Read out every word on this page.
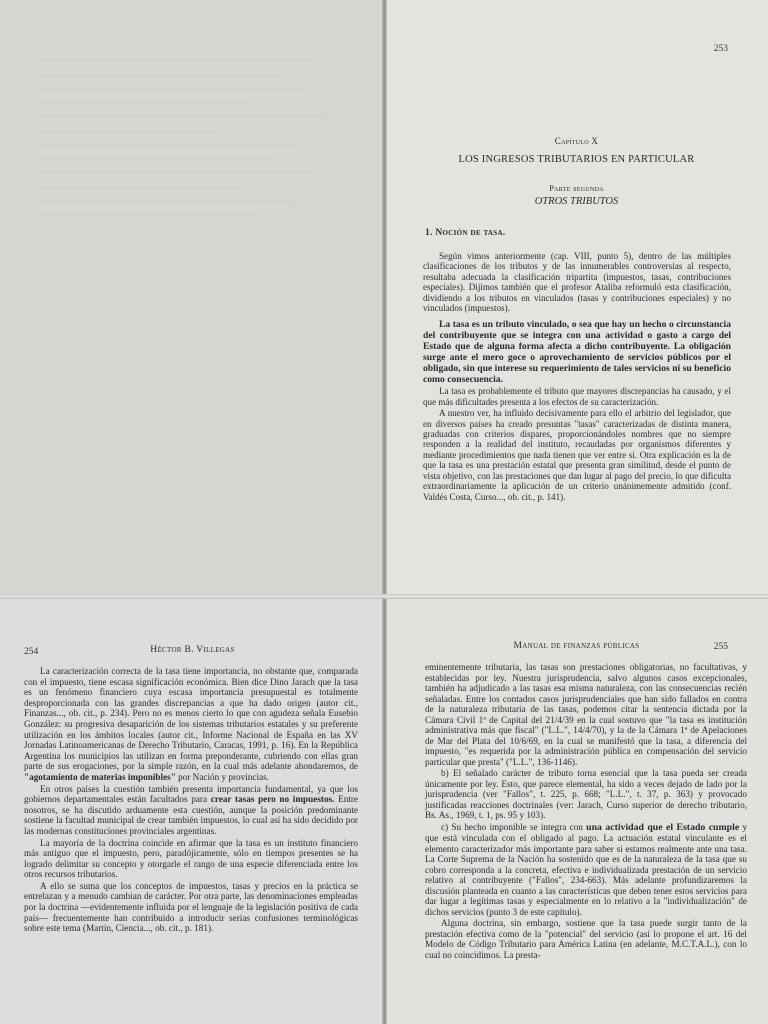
253
Capítulo X
LOS INGRESOS TRIBUTARIOS EN PARTICULAR
Parte segunda
OTROS TRIBUTOS
1. Noción de tasa.

Según vimos anteriormente (cap. VIII, punto 5), dentro de las múltiples clasificaciones de los tributos y de las innumerables controversias al respecto, resultaba adecuada la clasificación tripartita (impuestos, tasas, contribuciones especiales). Dijimos también que el profesor Ataliba reformuló esta clasificación, dividiendo a los tributos en vinculados (tasas y contribuciones especiales) y no vinculados (impuestos).

La tasa es un tributo vinculado, o sea que hay un hecho o circunstancia del contribuyente que se integra con una actividad o gasto a cargo del Estado que de alguna forma afecta a dicho contribuyente. La obligación surge ante el mero goce o aprovechamiento de servicios públicos por el obligado, sin que interese su requerimiento de tales servicios ni su beneficio como consecuencia.

La tasa es probablemente el tributo que mayores discrepancias ha causado, y el que más dificultades presenta a los efectos de su caracterización.

A nuestro ver, ha influido decisivamente para ello el arbitrio del legislador, que en diversos países ha creado presuntas "tasas" caracterizadas de distinta manera, graduadas con criterios dispares, proporcionándoles nombres que no siempre responden a la realidad del instituto, recaudadas por organismos diferentes y mediante procedimientos que nada tienen que ver entre sí. Otra explicación es la de que la tasa es una prestación estatal que presenta gran similitud, desde el punto de vista objetivo, con las prestaciones que dan lugar al pago del precio, lo que dificulta extraordinariamente la aplicación de un criterio unánimemente admitido (conf. Valdés Costa, Curso..., ob. cit., p. 141).

254	Héctor B. Villegas

La caracterización correcta de la tasa tiene importancia, no obstante que, comparada con el impuesto, tiene escasa significación económica. Bien dice Dino Jarach que la tasa es un fenómeno financiero cuya escasa importancia presupuestal es totalmente desproporcionada con las grandes discrepancias a que ha dado origen (autor cit., Finanzas..., ob. cit., p. 234). Pero no es menos cierto lo que con agudeza señala Eusebio González: su progresiva desaparición de los sistemas tributarios estatales y su preferente utilización en los ámbitos locales (autor cit., Informe Nacional de España en las XV Jornadas Latinoamericanas de Derecho Tributario, Caracas, 1991, p. 16). En la República Argentina los municipios las utilizan en forma preponderante, cubriendo con ellas gran parte de sus erogaciones, por la simple razón, en la cual más adelante ahondaremos, de "agotamiento de materias imponibles" por Nación y provincias.

En otros países la cuestión también presenta importancia fundamental, ya que los gobiernos departamentales están facultados para crear tasas pero no impuestos. Entre nosotros, se ha discutido arduamente esta cuestión, aunque la posición predominante sostiene la facultad municipal de crear también impuestos, lo cual así ha sido decidido por las modernas constituciones provinciales argentinas.

La mayoría de la doctrina coincide en afirmar que la tasa es un instituto financiero más antiguo que el impuesto, pero, paradójicamente, sólo en tiempos presentes se ha logrado delimitar su concepto y otorgarle el rango de una especie diferenciada entre los otros recursos tributarios.

A ello se suma que los conceptos de impuestos, tasas y precios en la práctica se entrelazan y a menudo cambian de carácter. Por otra parte, las denominaciones empleadas por la doctrina —evidentemente influida por el lenguaje de la legislación positiva de cada país— frecuentemente han contribuido a introducir serias confusiones terminológicas sobre este tema (Martín, Ciencia..., ob. cit., p. 181).

Manual de finanzas públicas	255

eminentemente tributaria, las tasas son prestaciones obligatorias, no facultativas, y establecidas por ley. Nuestra jurisprudencia, salvo algunos casos excepcionales, también ha adjudicado a las tasas esa misma naturaleza, con las consecuencias recién señaladas. Entre los contados casos jurisprudenciales que han sido fallados en contra de la naturaleza tributaria de las tasas, podemos citar la sentencia dictada por la Cámara Civil 1ª de Capital del 21/4/39 en la cual sostuvo que "la tasa es institución administrativa más que fiscal" ("L.L.", 14/4/70), y la de la Cámara 1ª de Apelaciones de Mar del Plata del 10/6/69, en la cual se manifestó que la tasa, a diferencia del impuesto, "es requerida por la administración pública en compensación del servicio particular que presta" ("L.L.", 136-1146).

b) El señalado carácter de tributo torna esencial que la tasa pueda ser creada únicamente por ley. Esto, que parece elemental, ha sido a veces dejado de lado por la jurisprudencia (ver "Fallos", t. 225, p. 668; "L.L.", t. 37, p. 363) y provocado justificadas reacciones doctrinales (ver: Jarach, Curso superior de derecho tributario, Bs. As., 1969, t. 1, ps. 95 y 103).

c) Su hecho imponible se integra con una actividad que el Estado cumple y que está vinculada con el obligado al pago. La actuación estatal vinculante es el elemento caracterizador más importante para saber si estamos realmente ante una tasa. La Corte Suprema de la Nación ha sostenido que es de la naturaleza de la tasa que su cobro corresponda a la concreta, efectiva e individualizada prestación de un servicio relativo al contribuyente ("Fallos", 234-663). Más adelante profundizaremos la discusión planteada en cuanto a las características que deben tener estos servicios para dar lugar a legítimas tasas y especialmente en lo relativo a la "individualización" de dichos servicios (punto 3 de este capítulo).

Alguna doctrina, sin embargo, sostiene que la tasa puede surgir tanto de la prestación efectiva como de la "potencial" del servicio (así lo propone el art. 16 del Modelo de Código Tributario para América Latina (en adelante, M.C.T.A.L.), con lo cual no coincidimos. La presta-
